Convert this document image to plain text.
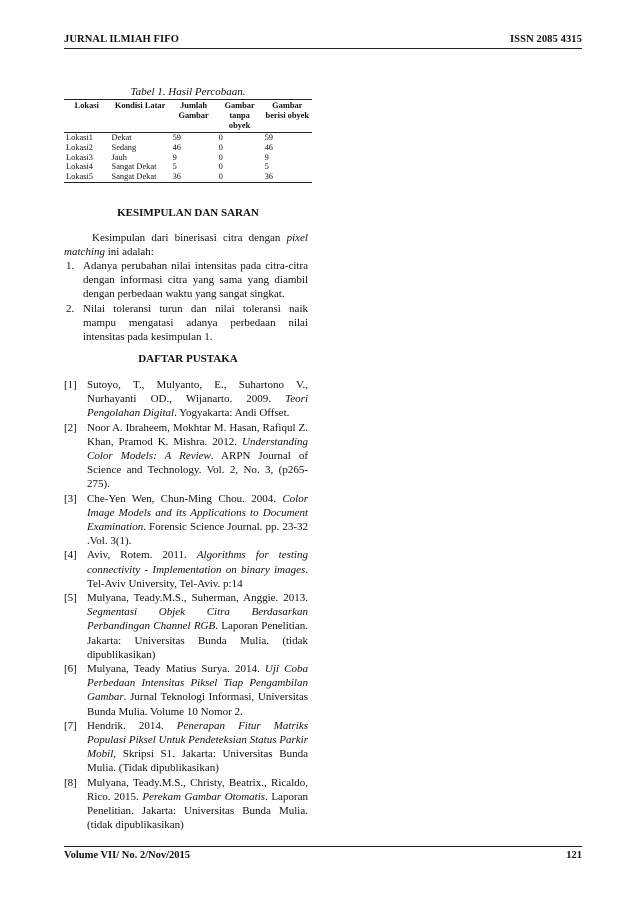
JURNAL ILMIAH FIFO	ISSN 2085 4315
Tabel 1. Hasil Percobaan.
Lokasi	Kondisi Latar	Jumlah Gambar	Gambar tanpa obyek	Gambar berisi obyek
Lokasi1	Dekat	59	0	59
Lokasi2	Sedang	46	0	46
Lokasi3	Jauh	9	0	9
Lokasi4	Sangat Dekat	5	0	5
Lokasi5	Sangat Dekat	36	0	36
KESIMPULAN DAN SARAN
Kesimpulan dari binerisasi citra dengan pixel matching ini adalah:
1. Adanya perubahan nilai intensitas pada citra-citra dengan informasi citra yang sama yang diambil dengan perbedaan waktu yang sangat singkat.
2. Nilai toleransi turun dan nilai toleransi naik mampu mengatasi adanya perbedaan nilai intensitas pada kesimpulan 1.
DAFTAR PUSTAKA
[1] Sutoyo, T., Mulyanto, E., Suhartono V., Nurhayanti OD., Wijanarto. 2009. Teori Pengolahan Digital. Yogyakarta: Andi Offset.
[2] Noor A. Ibraheem, Mokhtar M. Hasan, Rafiqul Z. Khan, Pramod K. Mishra. 2012. Understanding Color Models: A Review. ARPN Journal of Science and Technology. Vol. 2, No. 3, (p265-275).
[3] Che-Yen Wen, Chun-Ming Chou. 2004. Color Image Models and its Applications to Document Examination. Forensic Science Journal. pp. 23-32 .Vol. 3(1).
[4] Aviv, Rotem. 2011. Algorithms for testing connectivity - Implementation on binary images. Tel-Aviv University, Tel-Aviv. p:14
[5] Mulyana, Teady.M.S., Suherman, Anggie. 2013. Segmentasi Objek Citra Berdasarkan Perbandingan Channel RGB. Laporan Penelitian. Jakarta: Universitas Bunda Mulia. (tidak dipublikasikan)
[6] Mulyana, Teady Matius Surya. 2014. Uji Coba Perbedaan Intensitas Piksel Tiap Pengambilan Gambar. Jurnal Teknologi Informasi, Universitas Bunda Mulia. Volume 10 Nomor 2.
[7] Hendrik. 2014. Penerapan Fitur Matriks Populasi Piksel Untuk Pendeteksian Status Parkir Mobil, Skripsi S1. Jakarta: Universitas Bunda Mulia. (Tidak dipublikasikan)
[8] Mulyana, Teady.M.S., Christy, Beatrix., Ricaldo, Rico. 2015. Perekam Gambar Otomatis. Laporan Penelitian. Jakarta: Universitas Bunda Mulia. (tidak dipublikasikan)
Volume VII/ No. 2/Nov/2015	121
